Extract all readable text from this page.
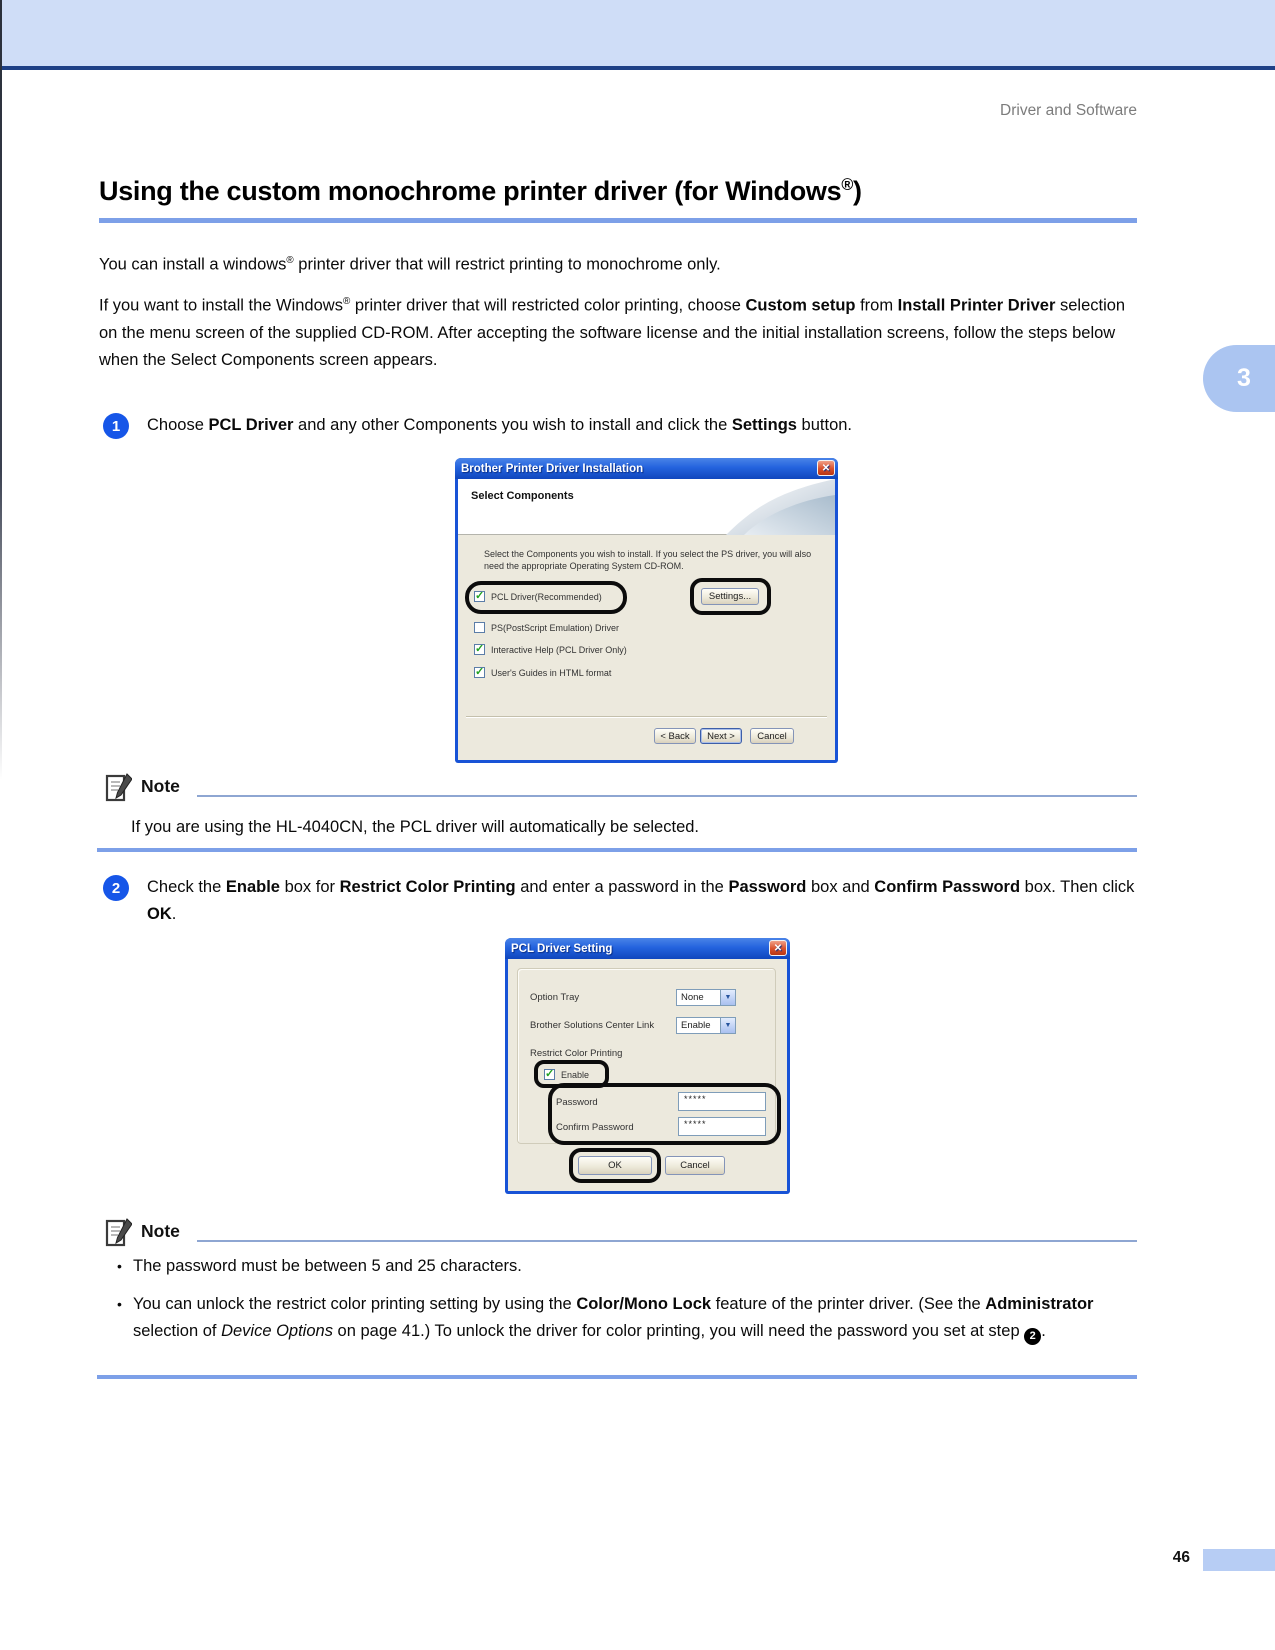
Driver and Software
3
Using the custom monochrome printer driver (for Windows®)
You can install a windows® printer driver that will restrict printing to monochrome only.
If you want to install the Windows® printer driver that will restricted color printing, choose Custom setup from Install Printer Driver selection on the menu screen of the supplied CD-ROM. After accepting the software license and the initial installation screens, follow the steps below when the Select Components screen appears.
1	Choose PCL Driver and any other Components you wish to install and click the Settings button.
Brother Printer Driver Installation	✕
Select Components
Select the Components you wish to install. If you select the PS driver, you will also need the appropriate Operating System CD-ROM.
✓ PCL Driver(Recommended)
PS(PostScript Emulation) Driver
✓ Interactive Help (PCL Driver Only)
✓ User's Guides in HTML format
Settings...
< Back	Next >	Cancel
Note
If you are using the HL-4040CN, the PCL driver will automatically be selected.
2	Check the Enable box for Restrict Color Printing and enter a password in the Password box and Confirm Password box. Then click OK.
PCL Driver Setting	✕
Option Tray	None	▼
Brother Solutions Center Link	Enable	▼
Restrict Color Printing
✓ Enable
Password	*****
Confirm Password	*****
OK	Cancel
Note
• The password must be between 5 and 25 characters.
• You can unlock the restrict color printing setting by using the Color/Mono Lock feature of the printer driver. (See the Administrator selection of Device Options on page 41.) To unlock the driver for color printing, you will need the password you set at step 2 .
46
